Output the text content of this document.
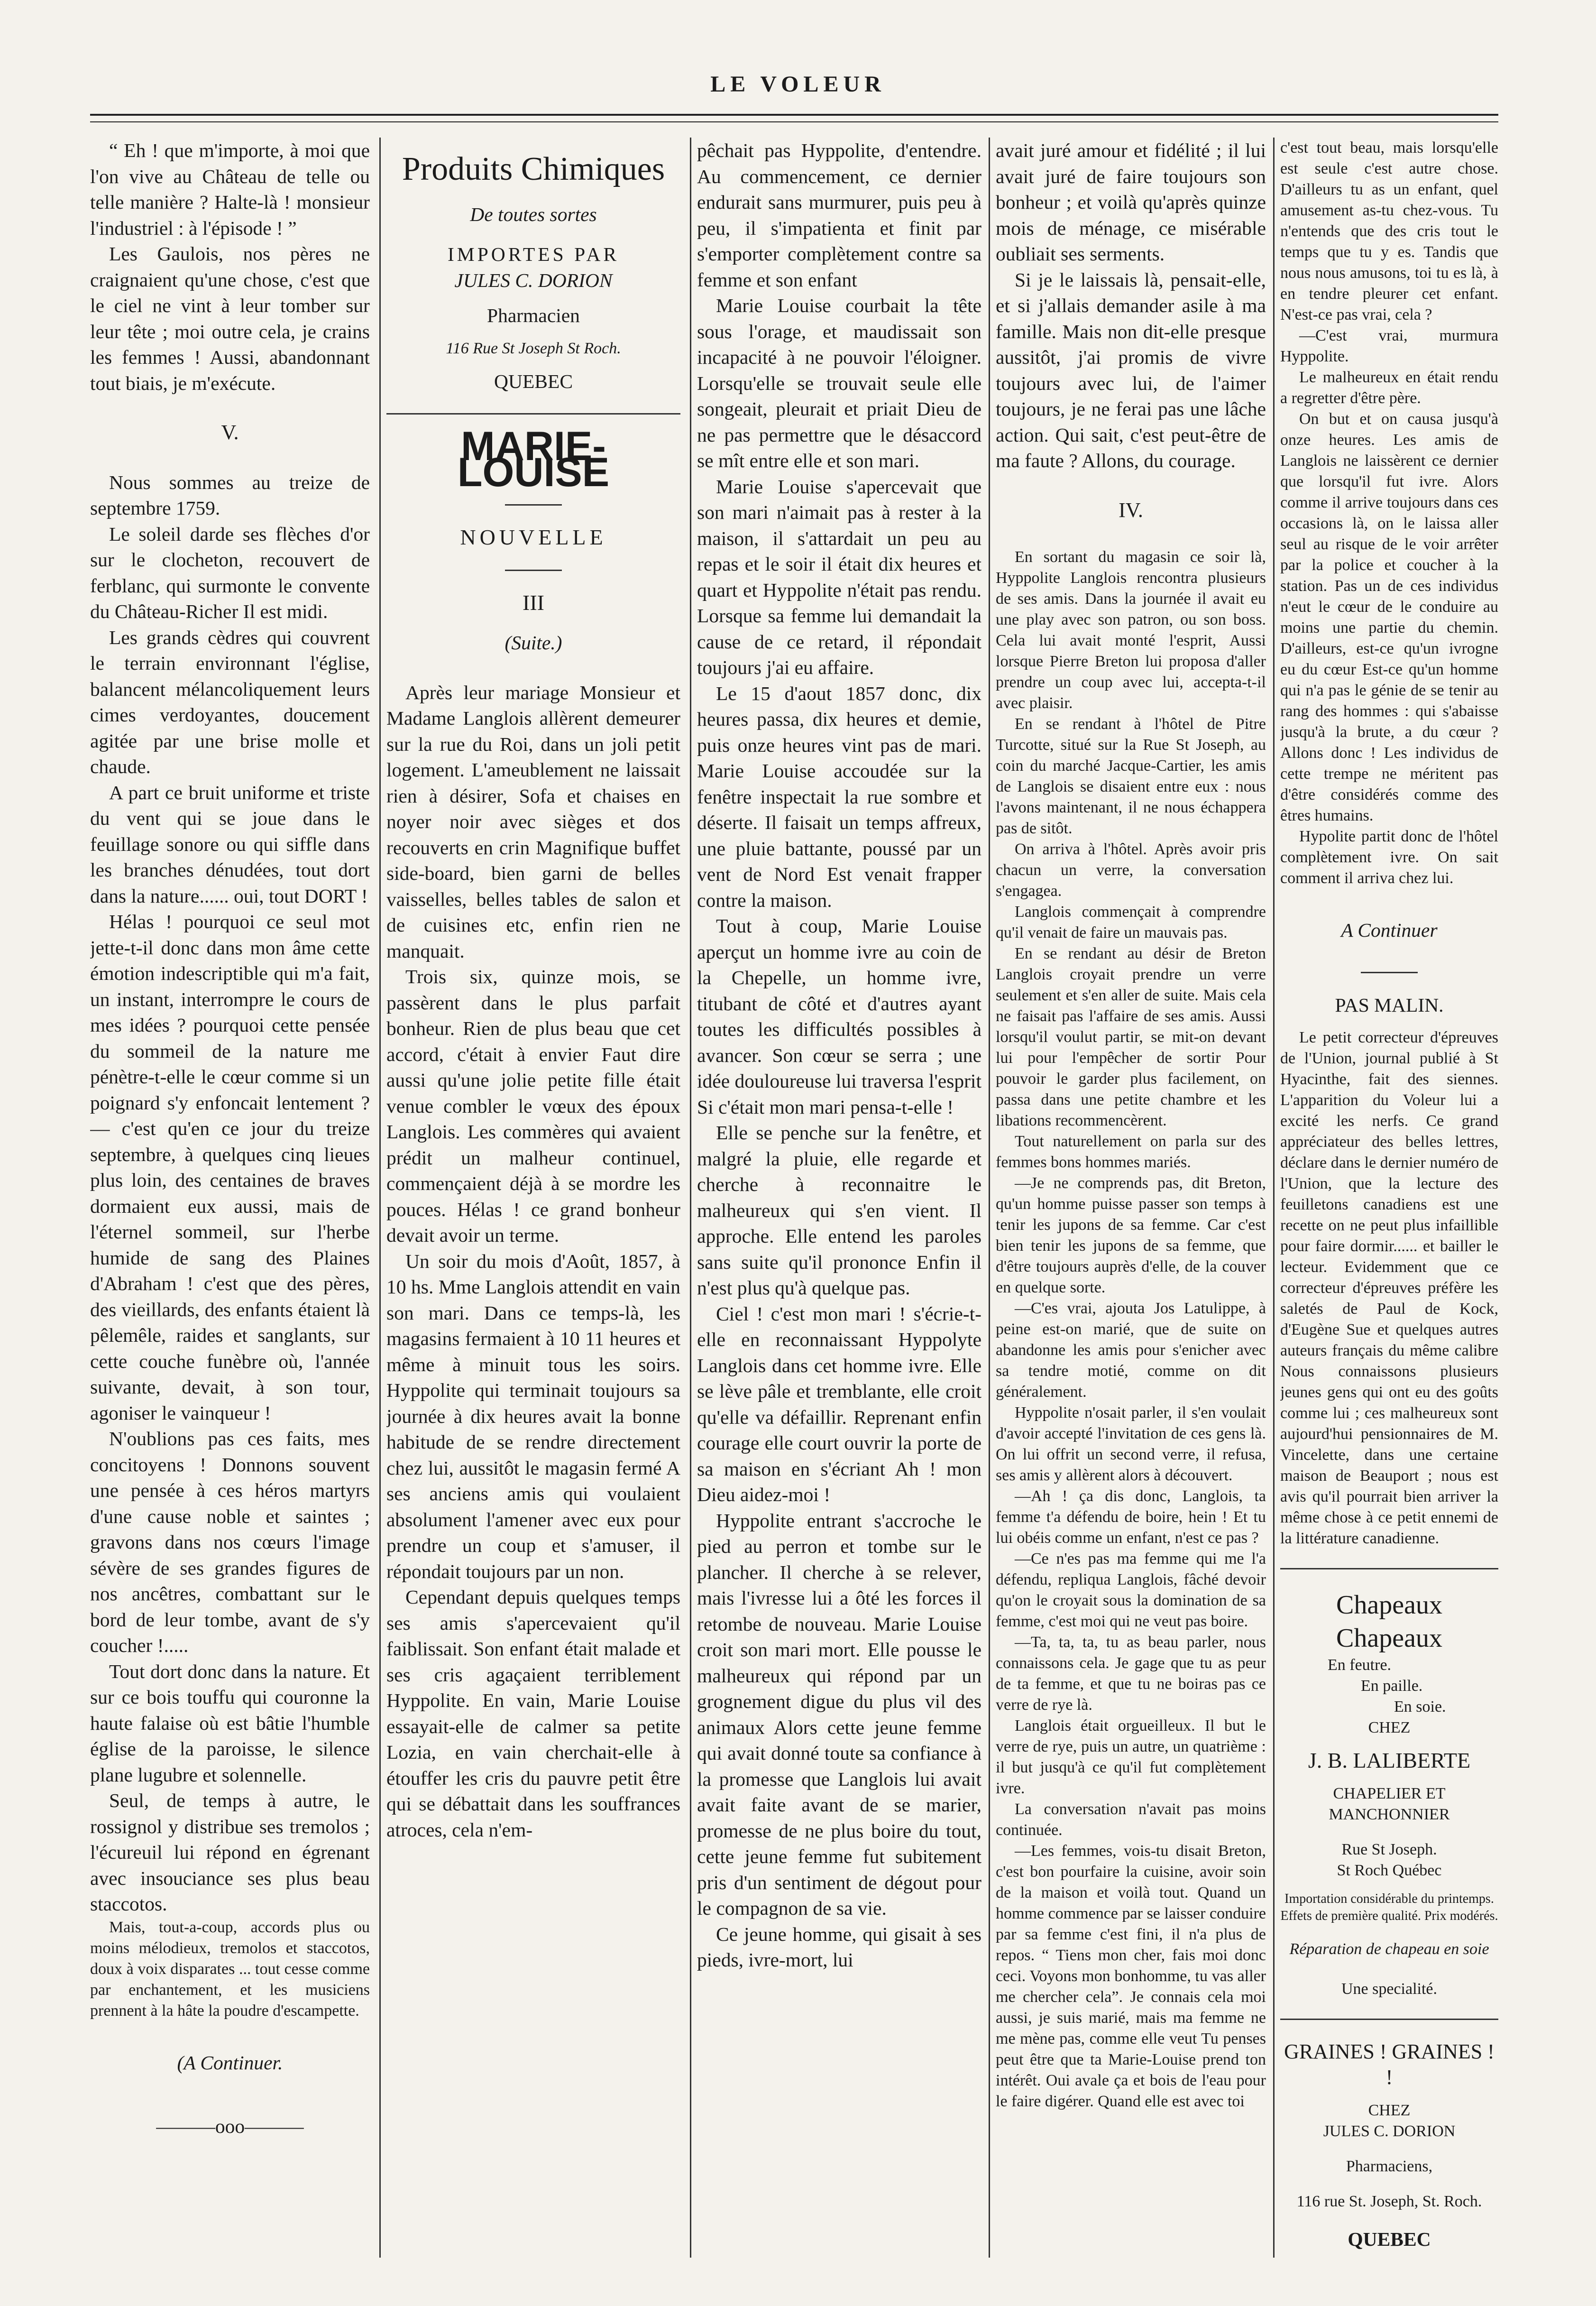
LE VOLEUR

“ Eh ! que m'importe, à moi que l'on vive au Château de telle ou telle manière ? Halte-là ! monsieur l'industriel : à l'épisode ! ”

Les Gaulois, nos pères ne craignaient qu'une chose, c'est que le ciel ne vint à leur tomber sur leur tête ; moi outre cela, je crains les femmes ! Aussi, abandonnant tout biais, je m'exécute.

V.

Nous sommes au treize de septembre 1759.

Le soleil darde ses flèches d'or sur le clocheton, recouvert de ferblanc, qui surmonte le convente du Château-Richer Il est midi.

Les grands cèdres qui couvrent le terrain environnant l'église, balancent mélancoliquement leurs cimes verdoyantes, doucement agitée par une brise molle et chaude.

A part ce bruit uniforme et triste du vent qui se joue dans le feuillage sonore ou qui siffle dans les branches dénudées, tout dort dans la nature...... oui, tout DORT !

Hélas ! pourquoi ce seul mot jette-t-il donc dans mon âme cette émotion indescriptible qui m'a fait, un instant, interrompre le cours de mes idées ? pourquoi cette pensée du sommeil de la nature me pénètre-t-elle le cœur comme si un poignard s'y enfoncait lentement ? — c'est qu'en ce jour du treize septembre, à quelques cinq lieues plus loin, des centaines de braves dormaient eux aussi, mais de l'éternel sommeil, sur l'herbe humide de sang des Plaines d'Abraham ! c'est que des pères, des vieillards, des enfants étaient là pêlemêle, raides et sanglants, sur cette couche funèbre où, l'année suivante, devait, à son tour, agoniser le vainqueur !

N'oublions pas ces faits, mes concitoyens ! Donnons souvent une pensée à ces héros martyrs d'une cause noble et saintes ; gravons dans nos cœurs l'image sévère de ses grandes figures de nos ancêtres, combattant sur le bord de leur tombe, avant de s'y coucher !.....

Tout dort donc dans la nature. Et sur ce bois touffu qui couronne la haute falaise où est bâtie l'humble église de la paroisse, le silence plane lugubre et solennelle.

Seul, de temps à autre, le rossignol y distribue ses tremolos ; l'écureuil lui répond en égrenant avec insouciance ses plus beau staccotos.

Mais, tout-a-coup, accords plus ou moins mélodieux, tremolos et staccotos, doux à voix disparates ... tout cesse comme par enchantement, et les musiciens prennent à la hâte la poudre d'escampette.

(A Continuer.

———ooo———

Produits Chimiques

De toutes sortes

IMPORTES PAR

JULES C. DORION

Pharmacien

116 Rue St Joseph St Roch.

QUEBEC

MARIE-LOUISE

NOUVELLE

III

(Suite.)

Après leur mariage Monsieur et Madame Langlois allèrent demeurer sur la rue du Roi, dans un joli petit logement. L'ameublement ne laissait rien à désirer, Sofa et chaises en noyer noir avec sièges et dos recouverts en crin Magnifique buffet side-board, bien garni de belles vaisselles, belles tables de salon et de cuisines etc, enfin rien ne manquait.

Trois six, quinze mois, se passèrent dans le plus parfait bonheur. Rien de plus beau que cet accord, c'était à envier Faut dire aussi qu'une jolie petite fille était venue combler le vœux des époux Langlois. Les commères qui avaient prédit un malheur continuel, commençaient déjà à se mordre les pouces. Hélas ! ce grand bonheur devait avoir un terme.

Un soir du mois d'Août, 1857, à 10 hs. Mme Langlois attendit en vain son mari. Dans ce temps-là, les magasins fermaient à 10 11 heures et même à minuit tous les soirs. Hyppolite qui terminait toujours sa journée à dix heures avait la bonne habitude de se rendre directement chez lui, aussitôt le magasin fermé A ses anciens amis qui voulaient absolument l'amener avec eux pour prendre un coup et s'amuser, il répondait toujours par un non.

Cependant depuis quelques temps ses amis s'apercevaient qu'il faiblissait. Son enfant était malade et ses cris agaçaient terriblement Hyppolite. En vain, Marie Louise essayait-elle de calmer sa petite Lozia, en vain cherchait-elle à étouffer les cris du pauvre petit être qui se débattait dans les souffrances atroces, cela n'em-

pêchait pas Hyppolite, d'entendre. Au commencement, ce dernier endurait sans murmurer, puis peu à peu, il s'impatienta et finit par s'emporter complètement contre sa femme et son enfant

Marie Louise courbait la tête sous l'orage, et maudissait son incapacité à ne pouvoir l'éloigner. Lorsqu'elle se trouvait seule elle songeait, pleurait et priait Dieu de ne pas permettre que le désaccord se mît entre elle et son mari.

Marie Louise s'apercevait que son mari n'aimait pas à rester à la maison, il s'attardait un peu au repas et le soir il était dix heures et quart et Hyppolite n'était pas rendu. Lorsque sa femme lui demandait la cause de ce retard, il répondait toujours j'ai eu affaire.

Le 15 d'aout 1857 donc, dix heures passa, dix heures et demie, puis onze heures vint pas de mari. Marie Louise accoudée sur la fenêtre inspectait la rue sombre et déserte. Il faisait un temps affreux, une pluie battante, poussé par un vent de Nord Est venait frapper contre la maison.

Tout à coup, Marie Louise aperçut un homme ivre au coin de la Chepelle, un homme ivre, titubant de côté et d'autres ayant toutes les difficultés possibles à avancer. Son cœur se serra ; une idée douloureuse lui traversa l'esprit Si c'était mon mari pensa-t-elle !

Elle se penche sur la fenêtre, et malgré la pluie, elle regarde et cherche à reconnaitre le malheureux qui s'en vient. Il approche. Elle entend les paroles sans suite qu'il prononce Enfin il n'est plus qu'à quelque pas.

Ciel ! c'est mon mari ! s'écrie-t-elle en reconnaissant Hyppolyte Langlois dans cet homme ivre. Elle se lève pâle et tremblante, elle croit qu'elle va défaillir. Reprenant enfin courage elle court ouvrir la porte de sa maison en s'écriant Ah ! mon Dieu aidez-moi !

Hyppolite entrant s'accroche le pied au perron et tombe sur le plancher. Il cherche à se relever, mais l'ivresse lui a ôté les forces il retombe de nouveau. Marie Louise croit son mari mort. Elle pousse le malheureux qui répond par un grognement digue du plus vil des animaux Alors cette jeune femme qui avait donné toute sa confiance à la promesse que Langlois lui avait avait faite avant de se marier, promesse de ne plus boire du tout, cette jeune femme fut subitement pris d'un sentiment de dégout pour le compagnon de sa vie.

Ce jeune homme, qui gisait à ses pieds, ivre-mort, lui

avait juré amour et fidélité ; il lui avait juré de faire toujours son bonheur ; et voilà qu'après quinze mois de ménage, ce misérable oubliait ses serments.

Si je le laissais là, pensait-elle, et si j'allais demander asile à ma famille. Mais non dit-elle presque aussitôt, j'ai promis de vivre toujours avec lui, de l'aimer toujours, je ne ferai pas une lâche action. Qui sait, c'est peut-être de ma faute ? Allons, du courage.

IV.

En sortant du magasin ce soir là, Hyppolite Langlois rencontra plusieurs de ses amis. Dans la journée il avait eu une play avec son patron, ou son boss. Cela lui avait monté l'esprit, Aussi lorsque Pierre Breton lui proposa d'aller prendre un coup avec lui, accepta-t-il avec plaisir.

En se rendant à l'hôtel de Pitre Turcotte, situé sur la Rue St Joseph, au coin du marché Jacque-Cartier, les amis de Langlois se disaient entre eux : nous l'avons maintenant, il ne nous échappera pas de sitôt.

On arriva à l'hôtel. Après avoir pris chacun un verre, la conversation s'engagea.

Langlois commençait à comprendre qu'il venait de faire un mauvais pas.

En se rendant au désir de Breton Langlois croyait prendre un verre seulement et s'en aller de suite. Mais cela ne faisait pas l'affaire de ses amis. Aussi lorsqu'il voulut partir, se mit-on devant lui pour l'empêcher de sortir Pour pouvoir le garder plus facilement, on passa dans une petite chambre et les libations recommencèrent.

Tout naturellement on parla sur des femmes bons hommes mariés.

—Je ne comprends pas, dit Breton, qu'un homme puisse passer son temps à tenir les jupons de sa femme. Car c'est bien tenir les jupons de sa femme, que d'être toujours auprès d'elle, de la couver en quelque sorte.

—C'es vrai, ajouta Jos Latulippe, à peine est-on marié, que de suite on abandonne les amis pour s'enicher avec sa tendre motié, comme on dit généralement.

Hyppolite n'osait parler, il s'en voulait d'avoir accepté l'invitation de ces gens là. On lui offrit un second verre, il refusa, ses amis y allèrent alors à découvert.

—Ah ! ça dis donc, Langlois, ta femme t'a défendu de boire, hein ! Et tu lui obéis comme un enfant, n'est ce pas ?

—Ce n'es pas ma femme qui me l'a défendu, repliqua Langlois, fâché devoir qu'on le croyait sous la domination de sa femme, c'est moi qui ne veut pas boire.

—Ta, ta, ta, tu as beau parler, nous connaissons cela. Je gage que tu as peur de ta femme, et que tu ne boiras pas ce verre de rye là.

Langlois était orgueilleux. Il but le verre de rye, puis un autre, un quatrième : il but jusqu'à ce qu'il fut complètement ivre.

La conversation n'avait pas moins continuée.

—Les femmes, vois-tu disait Breton, c'est bon pourfaire la cuisine, avoir soin de la maison et voilà tout. Quand un homme commence par se laisser conduire par sa femme c'est fini, il n'a plus de repos. “ Tiens mon cher, fais moi donc ceci. Voyons mon bonhomme, tu vas aller me chercher cela”. Je connais cela moi aussi, je suis marié, mais ma femme ne me mène pas, comme elle veut Tu penses peut être que ta Marie-Louise prend ton intérêt. Oui avale ça et bois de l'eau pour le faire digérer. Quand elle est avec toi

c'est tout beau, mais lorsqu'elle est seule c'est autre chose. D'ailleurs tu as un enfant, quel amusement as-tu chez-vous. Tu n'entends que des cris tout le temps que tu y es. Tandis que nous nous amusons, toi tu es là, à en tendre pleurer cet enfant. N'est-ce pas vrai, cela ?

—C'est vrai, murmura Hyppolite.

Le malheureux en était rendu a regretter d'être père.

On but et on causa jusqu'à onze heures. Les amis de Langlois ne laissèrent ce dernier que lorsqu'il fut ivre. Alors comme il arrive toujours dans ces occasions là, on le laissa aller seul au risque de le voir arrêter par la police et coucher à la station. Pas un de ces individus n'eut le cœur de le conduire au moins une partie du chemin. D'ailleurs, est-ce qu'un ivrogne eu du cœur Est-ce qu'un homme qui n'a pas le génie de se tenir au rang des hommes : qui s'abaisse jusqu'à la brute, a du cœur ? Allons donc ! Les individus de cette trempe ne méritent pas d'être considérés comme des êtres humains.

Hypolite partit donc de l'hôtel complètement ivre. On sait comment il arriva chez lui.

A Continuer

PAS MALIN.

Le petit correcteur d'épreuves de l'Union, journal publié à St Hyacinthe, fait des siennes. L'apparition du Voleur lui a excité les nerfs. Ce grand appréciateur des belles lettres, déclare dans le dernier numéro de l'Union, que la lecture des feuilletons canadiens est une recette on ne peut plus infaillible pour faire dormir...... et bailler le lecteur. Evidemment que ce correcteur d'épreuves préfère les saletés de Paul de Kock, d'Eugène Sue et quelques autres auteurs français du même calibre Nous connaissons plusieurs jeunes gens qui ont eu des goûts comme lui ; ces malheureux sont aujourd'hui pensionnaires de M. Vincelette, dans une certaine maison de Beauport ; nous est avis qu'il pourrait bien arriver la même chose à ce petit ennemi de la littérature canadienne.

Chapeaux Chapeaux

En feutre.

En paille.

En soie.

CHEZ

J. B. LALIBERTE

CHAPELIER ET MANCHONNIER

Rue St Joseph.

St Roch Québec

Importation considérable du printemps. Effets de première qualité. Prix modérés.

Réparation de chapeau en soie

Une specialité.

GRAINES ! GRAINES ! !

CHEZ

JULES C. DORION

Pharmaciens,

116 rue St. Joseph, St. Roch.

QUEBEC
